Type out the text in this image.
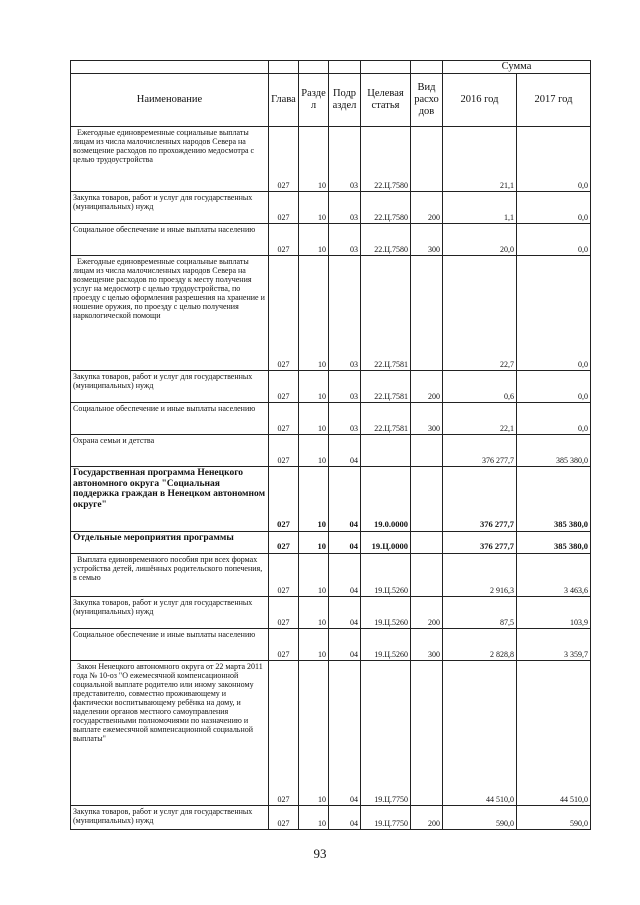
						Сумма	
Наименование	Глава	Разде л	Подр аздел	Целевая статья	Вид расхо дов	2016 год	2017 год
Ежегодные единовременные социальные выплаты лицам из числа малочисленных народов Севера на возмещение расходов по прохождению медосмотра с целью трудоустройства	027	10	03	22.Ц.7580		21,1	0,0
Закупка товаров, работ и услуг для государственных (муниципальных) нужд	027	10	03	22.Ц.7580	200	1,1	0,0
Социальное обеспечение и иные выплаты населению	027	10	03	22.Ц.7580	300	20,0	0,0
Ежегодные единовременные социальные выплаты лицам из числа малочисленных народов Севера на возмещение расходов по проезду к месту получения услуг на медосмотр с целью трудоустройства, по проезду с целью оформления разрешения на хранение и ношение оружия, по проезду с целью получения наркологической помощи	027	10	03	22.Ц.7581		22,7	0,0
Закупка товаров, работ и услуг для государственных (муниципальных) нужд	027	10	03	22.Ц.7581	200	0,6	0,0
Социальное обеспечение и иные выплаты населению	027	10	03	22.Ц.7581	300	22,1	0,0
Охрана семьи и детства	027	10	04			376 277,7	385 380,0
Государственная программа Ненецкого автономного округа "Социальная поддержка граждан в Ненецком автономном округе"	027	10	04	19.0.0000		376 277,7	385 380,0
Отдельные мероприятия программы	027	10	04	19.Ц.0000		376 277,7	385 380,0
Выплата единовременного пособия при всех формах устройства детей, лишённых родительского попечения, в семью	027	10	04	19.Ц.5260		2 916,3	3 463,6
Закупка товаров, работ и услуг для государственных (муниципальных) нужд	027	10	04	19.Ц.5260	200	87,5	103,9
Социальное обеспечение и иные выплаты населению	027	10	04	19.Ц.5260	300	2 828,8	3 359,7
Закон Ненецкого автономного округа от 22 марта 2011 года № 10-оз "О ежемесячной компенсационной социальной выплате родителю или иному законному представителю, совместно проживающему и фактически воспитывающему ребёнка на дому, и наделении органов местного самоуправления государственными полномочиями по назначению и выплате ежемесячной компенсационной социальной выплаты"	027	10	04	19.Ц.7750		44 510,0	44 510,0
Закупка товаров, работ и услуг для государственных (муниципальных) нужд	027	10	04	19.Ц.7750	200	590,0	590,0
93
